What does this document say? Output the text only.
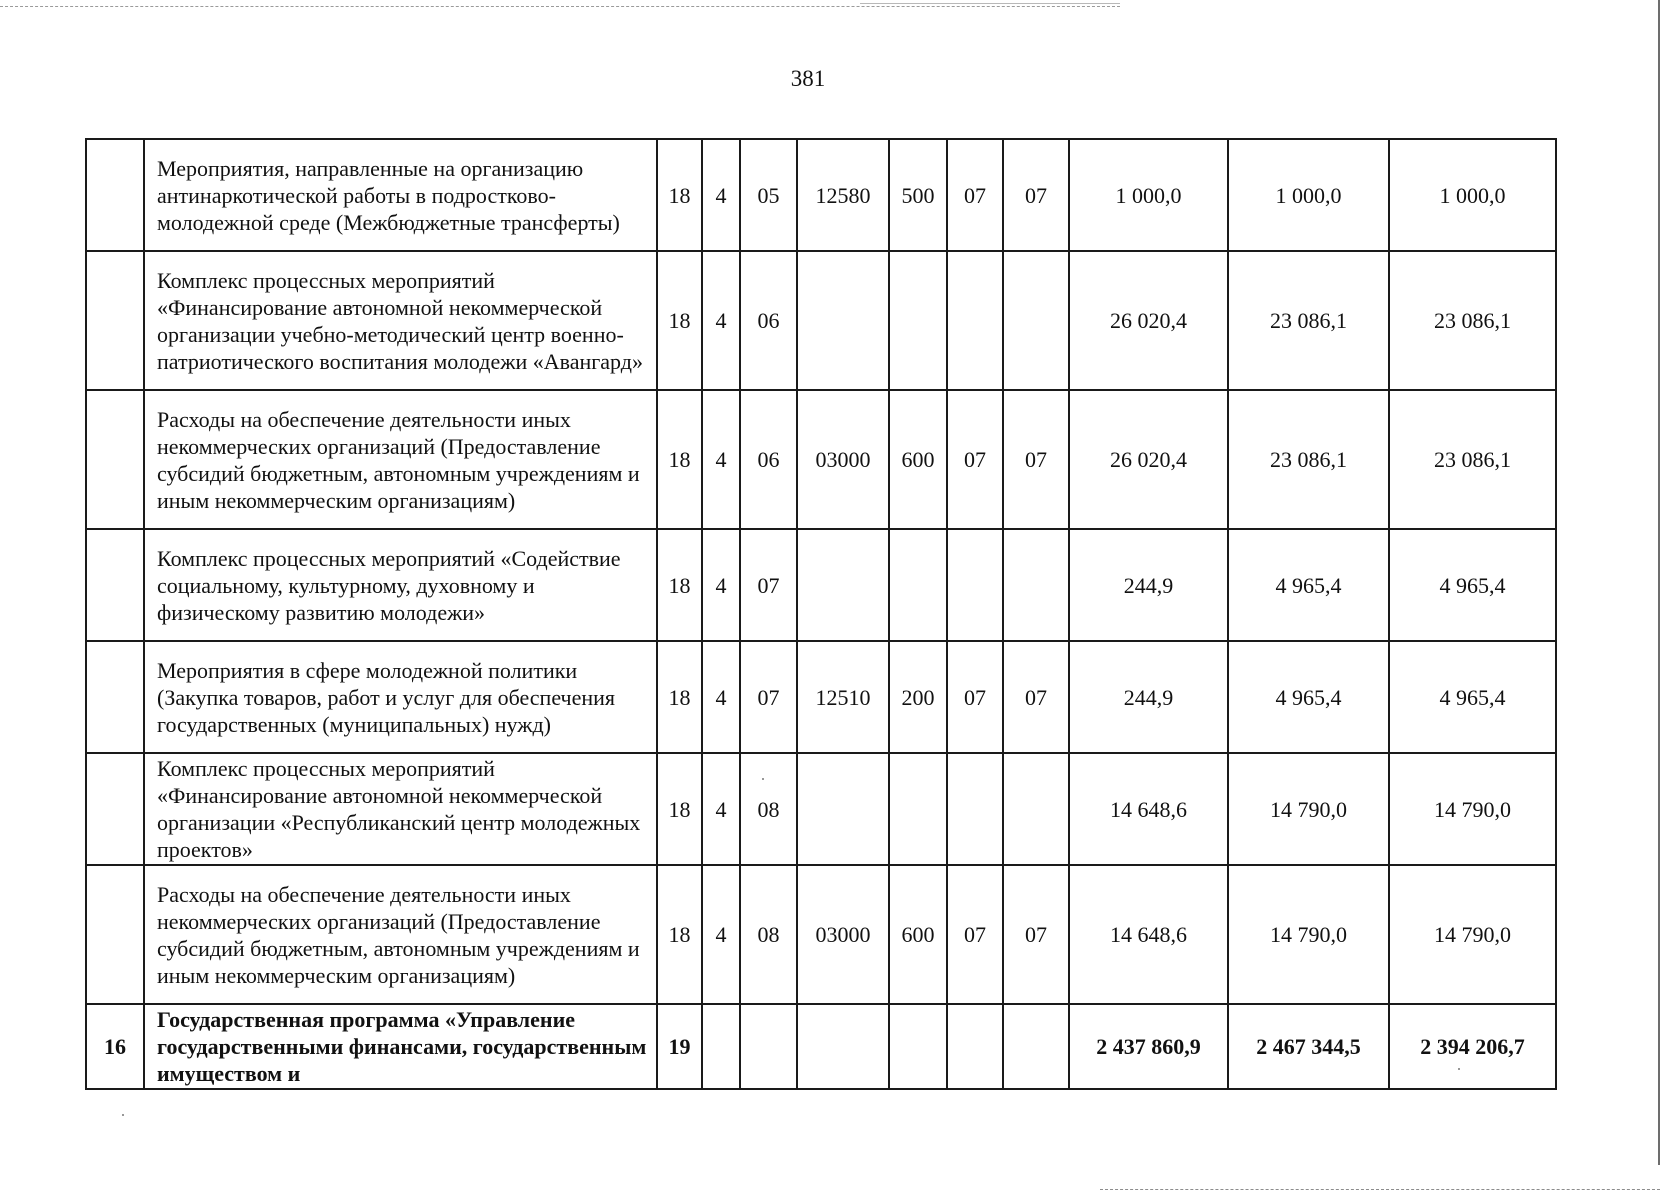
381
	Мероприятия, направленные на организацию антинаркотической работы в подростково-молодежной среде (Межбюджетные трансферты)	18	4	05	12580	500	07	07	1 000,0	1 000,0	1 000,0
	Комплекс процессных мероприятий «Финансирование автономной некоммерческой организации учебно-методический центр военно-патриотического воспитания молодежи «Авангард»	18	4	06					26 020,4	23 086,1	23 086,1
	Расходы на обеспечение деятельности иных некоммерческих организаций (Предоставление субсидий бюджетным, автономным учреждениям и иным некоммерческим организациям)	18	4	06	03000	600	07	07	26 020,4	23 086,1	23 086,1
	Комплекс процессных мероприятий «Содействие социальному, культурному, духовному и физическому развитию молодежи»	18	4	07					244,9	4 965,4	4 965,4
	Мероприятия в сфере молодежной политики (Закупка товаров, работ и услуг для обеспечения государственных (муниципальных) нужд)	18	4	07	12510	200	07	07	244,9	4 965,4	4 965,4
	Комплекс процессных мероприятий «Финансирование автономной некоммерческой организации «Республиканский центр молодежных проектов»	18	4	08					14 648,6	14 790,0	14 790,0
	Расходы на обеспечение деятельности иных некоммерческих организаций (Предоставление субсидий бюджетным, автономным учреждениям и иным некоммерческим организациям)	18	4	08	03000	600	07	07	14 648,6	14 790,0	14 790,0
16	Государственная программа «Управление государственными финансами, государственным имуществом и	19							2 437 860,9	2 467 344,5	2 394 206,7
